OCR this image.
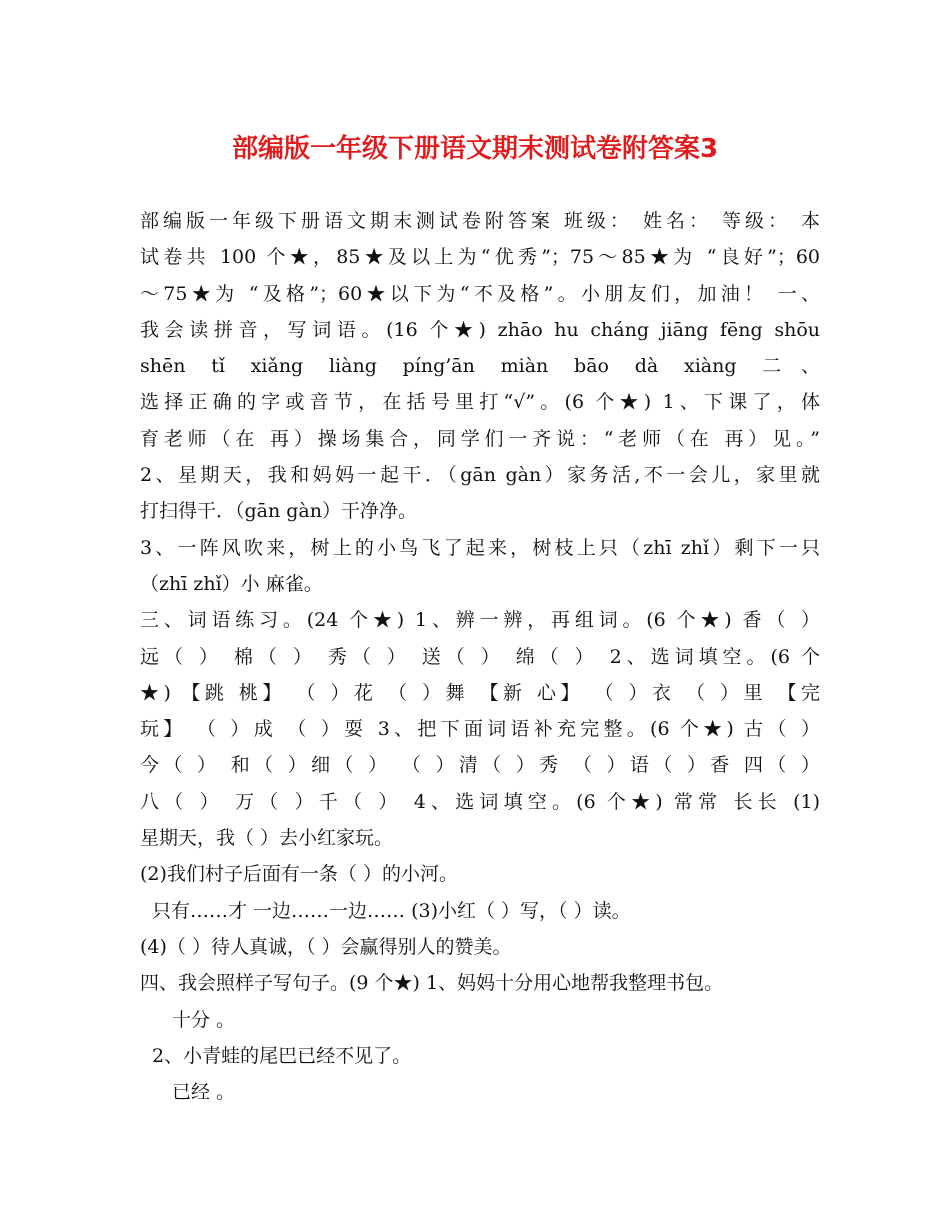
部编版一年级下册语文期末测试卷附答案3
部编版一年级下册语文期末测试卷附答案 班级： 姓名： 等级： 本
试卷共 100 个★，85★及以上为“优秀”；75～85★为 “良好”；60
～75★为 “及格”；60★以下为“不及格”。小朋友们，加油！ 一、
我会读拼音，写词语。(16 个★) zhāo hu cháng jiāng fēng shōu
shēn tǐ xiǎng liàng píng’ān miàn bāo dà xiàng 二、
选择正确的字或音节，在括号里打“√”。(6 个★) 1、下课了，体
育老师（在 再）操场集合，同学们一齐说：“老师（在 再）见。”
2、星期天，我和妈妈一起干．（gān gàn）家务活,不一会儿，家里就
打扫得干．（gān gàn）干净净。
3、一阵风吹来，树上的小鸟飞了起来，树枝上只（zhī zhǐ）剩下一只
（zhī zhǐ）小 麻雀。
三、词语练习。(24 个★) 1、辨一辨，再组词。(6 个★) 香（ ）
远（ ） 棉（ ） 秀（ ） 送（ ） 绵（ ） 2、选词填空。(6 个
★) 【跳 桃】 （ ）花 （ ）舞 【新 心】 （ ）衣 （ ）里 【完
玩】 （ ）成 （ ）耍 3、把下面词语补充完整。(6 个★) 古（ ）
今（ ） 和（ ）细（ ） （ ）清（ ）秀 （ ）语（ ）香 四（ ）
八（ ） 万（ ）千（ ） 4、选词填空。(6 个★) 常常 长长 (1)
星期天，我（ ）去小红家玩。
(2)我们村子后面有一条（ ）的小河。
只有……才 一边……一边…… (3)小红（ ）写，（ ）读。
(4)（ ）待人真诚，（ ）会赢得别人的赞美。
四、我会照样子写句子。(9 个★) 1、妈妈十分用心地帮我整理书包。
十分 。
2、小青蛙的尾巴已经不见了。
已经 。
